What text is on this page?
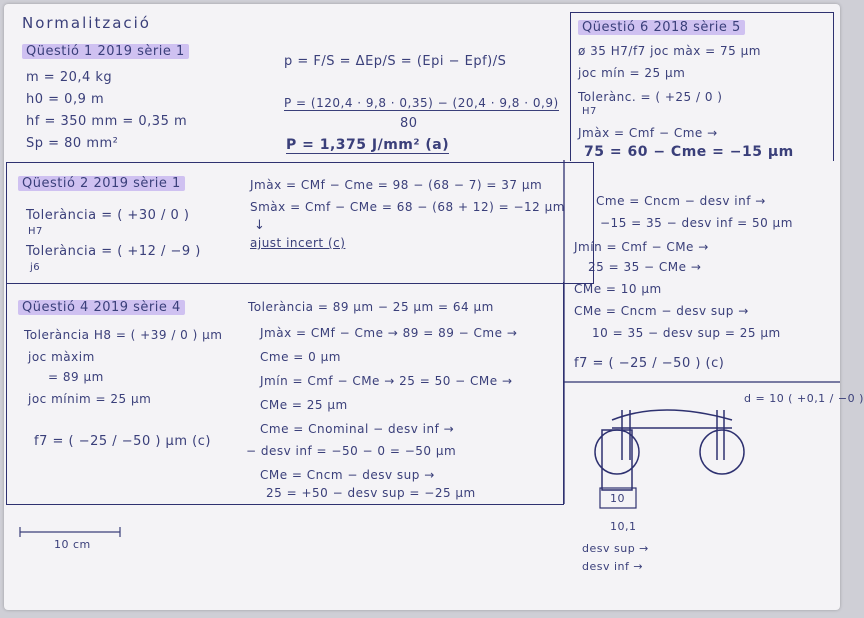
Normalització
Qüestió 1 2019 sèrie 1
m = 20,4 kg
h0 = 0,9 m
hf = 350 mm = 0,35 m
Sp = 80 mm²
p = F/S = ΔEp/S = (Epi − Epf)/S
P = (120,4 · 9,8 · 0,35) − (20,4 · 9,8 · 0,9)
80
P = 1,375 J/mm² (a)
Qüestió 6 2018 sèrie 5
ø 35 H7/f7 joc màx = 75 µm
joc mín = 25 µm
Tolerànc. = ( +25 / 0 )
H7
Jmàx = Cmf − Cme →
75 = 60 − Cme = −15 µm
Cme = Cncm − desv inf →
−15 = 35 − desv inf = 50 µm
Jmín = Cmf − CMe →
25 = 35 − CMe →
CMe = 10 µm
CMe = Cncm − desv sup →
10 = 35 − desv sup = 25 µm
f7 = ( −25 / −50 ) (c)
Qüestió 2 2019 sèrie 1
Tolerància = ( +30 / 0 )
H7
Tolerància = ( +12 / −9 )
j6
Jmàx = CMf − Cme = 98 − (68 − 7) = 37 µm
Smàx = Cmf − CMe = 68 − (68 + 12) = −12 µm
↓
ajust incert (c)
Qüestió 4 2019 sèrie 4
Tolerància H8 = ( +39 / 0 ) µm
joc màxim
= 89 µm
joc mínim = 25 µm
f7 = ( −25 / −50 ) µm (c)
Tolerància = 89 µm − 25 µm = 64 µm
Jmàx = CMf − Cme → 89 = 89 − Cme →
Cme = 0 µm
Jmín = Cmf − CMe → 25 = 50 − CMe →
CMe = 25 µm
Cme = Cnominal − desv inf →
− desv inf = −50 − 0 = −50 µm
CMe = Cncm − desv sup →
25 = +50 − desv sup = −25 µm
10 cm
d = 10 ( +0,1 / −0 )
10
10,1
desv sup →
desv inf →
